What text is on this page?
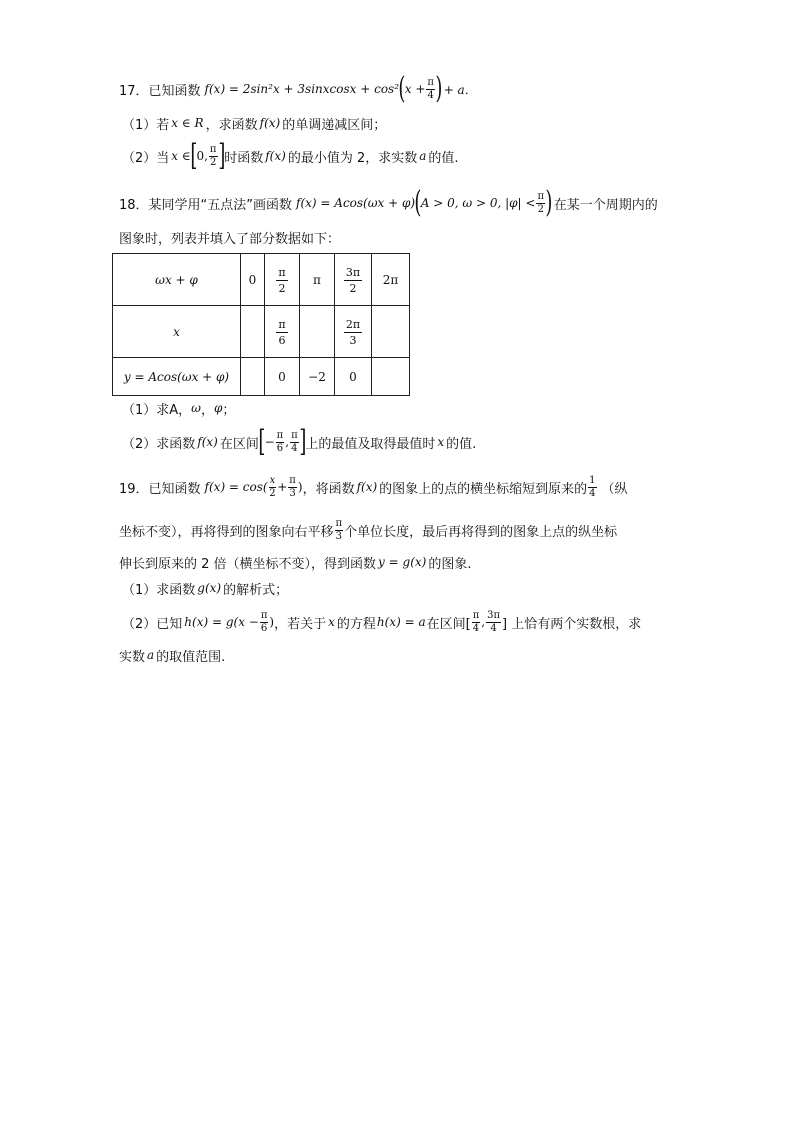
17．已知函数 f(x) = 2sin²x + 3sinxcosx + cos² ( $x + \frac{\pi}{4}$ ) + a．
（1）若 x ∈ R ，求函数 f(x) 的单调递减区间；
（2）当 x ∈ [ 0, $\frac{\pi}{2}$ ] 时函数 f(x) 的最小值为 2，求实数 a 的值.
18．某同学用“五点法”画函数 f(x) = Acos(ωx + φ) ( A > 0, ω > 0, $|\varphi| < \frac{\pi}{2}$ ) 在某一个周期内的
图象时，列表并填入了部分数据如下：
ωx + φ	0	$\frac{\pi}{2}$	π	$\frac{3\pi}{2}$	2π
x		$\frac{\pi}{6}$		$\frac{2\pi}{3}$

y = Acos(ωx + φ)		0	−2	0	
（1）求A， ω ， φ ；
（2）求函数 f(x) 在区间 [ − $\frac{\pi}{6}$ , $\frac{\pi}{4}$ ] 上的最值及取得最值时 x 的值.
19．已知函数 $f(x) = \cos( \frac{x}{2} + \frac{\pi}{3}$ ) ，将函数 f(x) 的图象上的点的横坐标缩短到原来的 $\frac{1}{4}$ （纵
坐标不变），再将得到的图象向右平移 $\frac{\pi}{3}$ 个单位长度，最后再将得到的图象上点的纵坐标
伸长到原来的 2 倍（横坐标不变），得到函数 y = g(x) 的图象.
（1）求函数 g(x) 的解析式；
（2）已知 $h(x) = g(x - \frac{\pi}{6}$ ) ，若关于 x 的方程 h(x) = a 在区间[ $\frac{\pi}{4}$ , $\frac{3\pi}{4}$ ] 上恰有两个实数根，求
实数 a 的取值范围.
